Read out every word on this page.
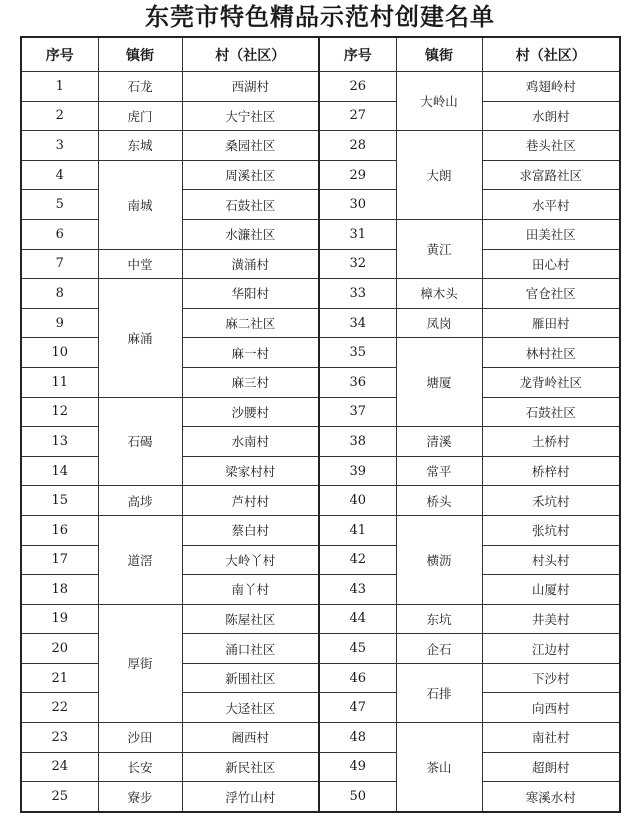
东莞市特色精品示范村创建名单
序号	镇街	村（社区）	序号	镇街	村（社区）
1	石龙	西湖村	26	大岭山	鸡翅岭村
2	虎门	大宁社区	27		水朗村
3	东城	桑园社区	28	大朗	巷头社区
4	南城	周溪社区	29		求富路社区
5		石鼓社区	30		水平村
6		水濂社区	31	黄江	田美社区
7	中堂	潢涌村	32		田心村
8	麻涌	华阳村	33	樟木头	官仓社区
9		麻二社区	34	凤岗	雁田村
10		麻一村	35	塘厦	林村社区
11		麻三村	36		龙背岭社区
12	石碣	沙腰村	37		石鼓社区
13		水南村	38	清溪	土桥村
14		梁家村村	39	常平	桥梓村
15	高埗	芦村村	40	桥头	禾坑村
16	道滘	蔡白村	41	横沥	张坑村
17		大岭丫村	42		村头村
18		南丫村	43		山厦村
19	厚街	陈屋社区	44	东坑	井美村
20		涌口社区	45	企石	江边村
21		新围社区	46	石排	下沙村
22		大迳社区	47		向西村
23	沙田	阇西村	48	茶山	南社村
24	长安	新民社区	49		超朗村
25	寮步	浮竹山村	50		寒溪水村
